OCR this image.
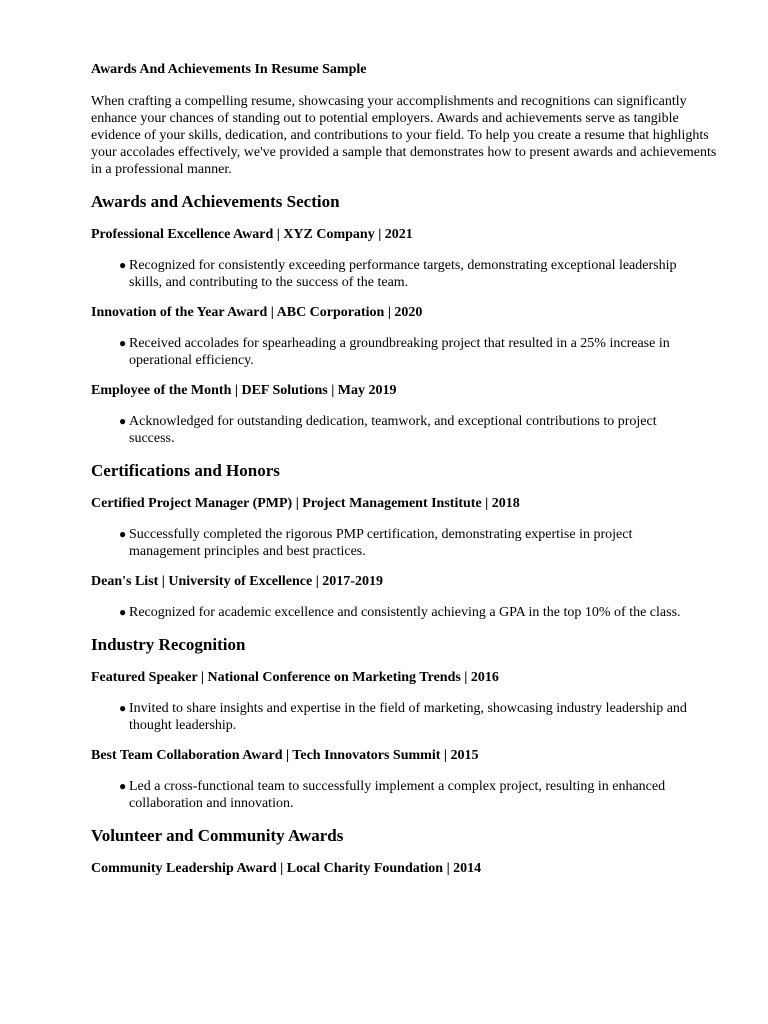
Awards And Achievements In Resume Sample

When crafting a compelling resume, showcasing your accomplishments and recognitions can significantly enhance your chances of standing out to potential employers. Awards and achievements serve as tangible evidence of your skills, dedication, and contributions to your field. To help you create a resume that highlights your accolades effectively, we've provided a sample that demonstrates how to present awards and achievements in a professional manner.

Awards and Achievements Section
Professional Excellence Award | XYZ Company | 2021
● Recognized for consistently exceeding performance targets, demonstrating exceptional leadership skills, and contributing to the success of the team.
Innovation of the Year Award | ABC Corporation | 2020
● Received accolades for spearheading a groundbreaking project that resulted in a 25% increase in operational efficiency.
Employee of the Month | DEF Solutions | May 2019
● Acknowledged for outstanding dedication, teamwork, and exceptional contributions to project success.
Certifications and Honors
Certified Project Manager (PMP) | Project Management Institute | 2018
● Successfully completed the rigorous PMP certification, demonstrating expertise in project management principles and best practices.
Dean's List | University of Excellence | 2017-2019
● Recognized for academic excellence and consistently achieving a GPA in the top 10% of the class.
Industry Recognition
Featured Speaker | National Conference on Marketing Trends | 2016
● Invited to share insights and expertise in the field of marketing, showcasing industry leadership and thought leadership.
Best Team Collaboration Award | Tech Innovators Summit | 2015
● Led a cross-functional team to successfully implement a complex project, resulting in enhanced collaboration and innovation.
Volunteer and Community Awards
Community Leadership Award | Local Charity Foundation | 2014
